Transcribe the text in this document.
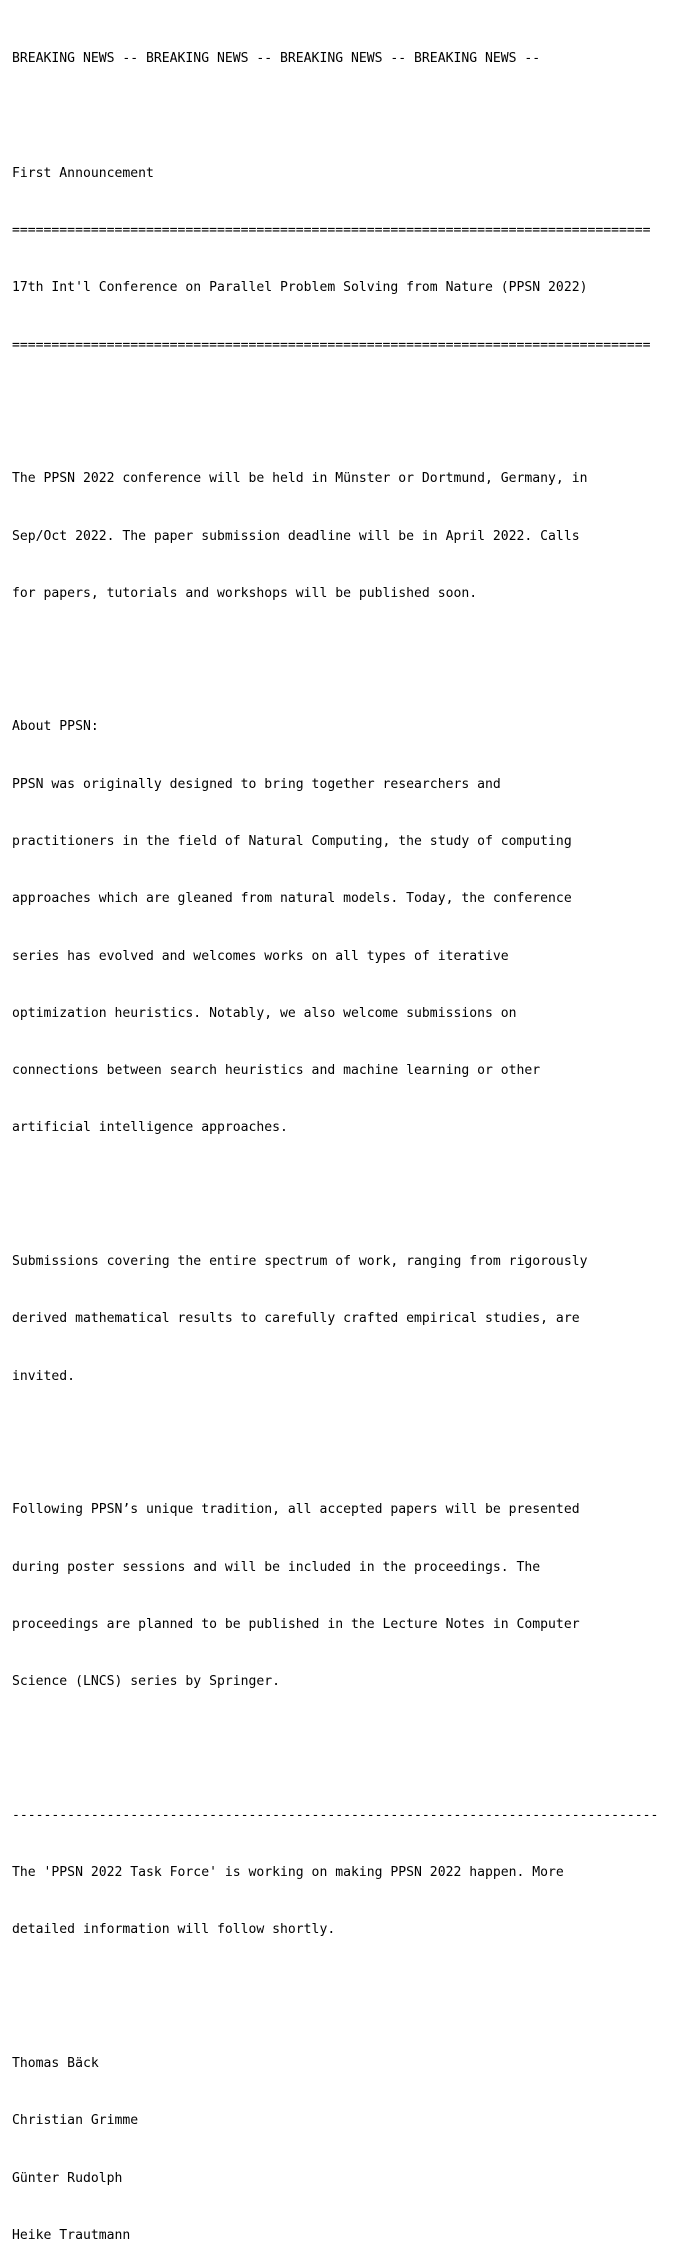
BREAKING NEWS -- BREAKING NEWS -- BREAKING NEWS -- BREAKING NEWS --

First Announcement

=================================================================================

17th Int'l Conference on Parallel Problem Solving from Nature (PPSN 2022)

=================================================================================

The PPSN 2022 conference will be held in Münster or Dortmund, Germany, in

Sep/Oct 2022. The paper submission deadline will be in April 2022. Calls

for papers, tutorials and workshops will be published soon.

About PPSN:

PPSN was originally designed to bring together researchers and

practitioners in the field of Natural Computing, the study of computing

approaches which are gleaned from natural models. Today, the conference

series has evolved and welcomes works on all types of iterative

optimization heuristics. Notably, we also welcome submissions on

connections between search heuristics and machine learning or other

artificial intelligence approaches.

Submissions covering the entire spectrum of work, ranging from rigorously

derived mathematical results to carefully crafted empirical studies, are

invited.

Following PPSN’s unique tradition, all accepted papers will be presented

during poster sessions and will be included in the proceedings. The

proceedings are planned to be published in the Lecture Notes in Computer

Science (LNCS) series by Springer.

----------------------------------------------------------------------------------

The 'PPSN 2022 Task Force' is working on making PPSN 2022 happen. More

detailed information will follow shortly.

Thomas Bäck

Christian Grimme

Günter Rudolph

Heike Trautmann
